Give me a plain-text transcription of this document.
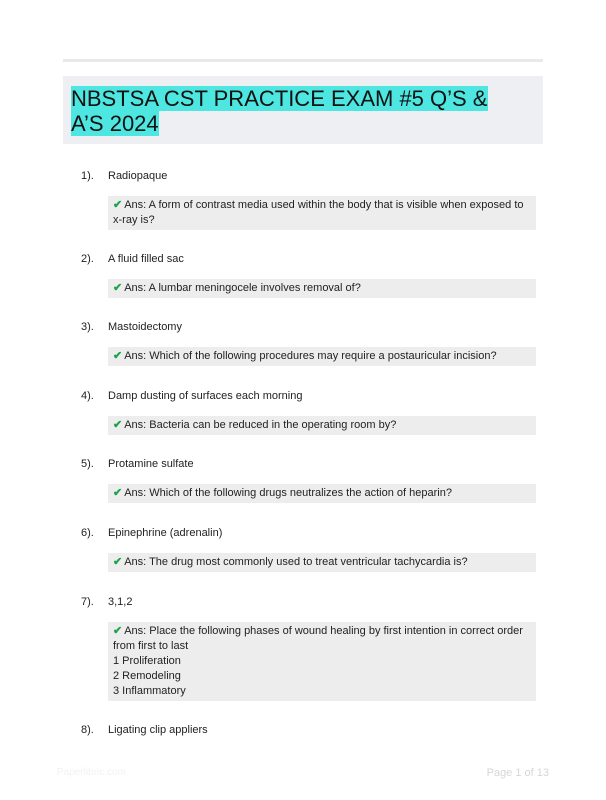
NBSTSA CST PRACTICE EXAM #5 Q’S & A’S 2024
1).	Radiopaque
✔ Ans: A form of contrast media used within the body that is visible when exposed to x-ray is?
2).	A fluid filled sac
✔ Ans: A lumbar meningocele involves removal of?
3).	Mastoidectomy
✔ Ans: Which of the following procedures may require a postauricular incision?
4).	Damp dusting of surfaces each morning
✔ Ans: Bacteria can be reduced in the operating room by?
5).	Protamine sulfate
✔ Ans: Which of the following drugs neutralizes the action of heparin?
6).	Epinephrine (adrenalin)
✔ Ans: The drug most commonly used to treat ventricular tachycardia is?
7).	3,1,2
✔ Ans: Place the following phases of wound healing by first intention in correct order from first to last
1 Proliferation
2 Remodeling
3 Inflammatory
8).	Ligating clip appliers
Paperlibric.com	Page 1 of 13
